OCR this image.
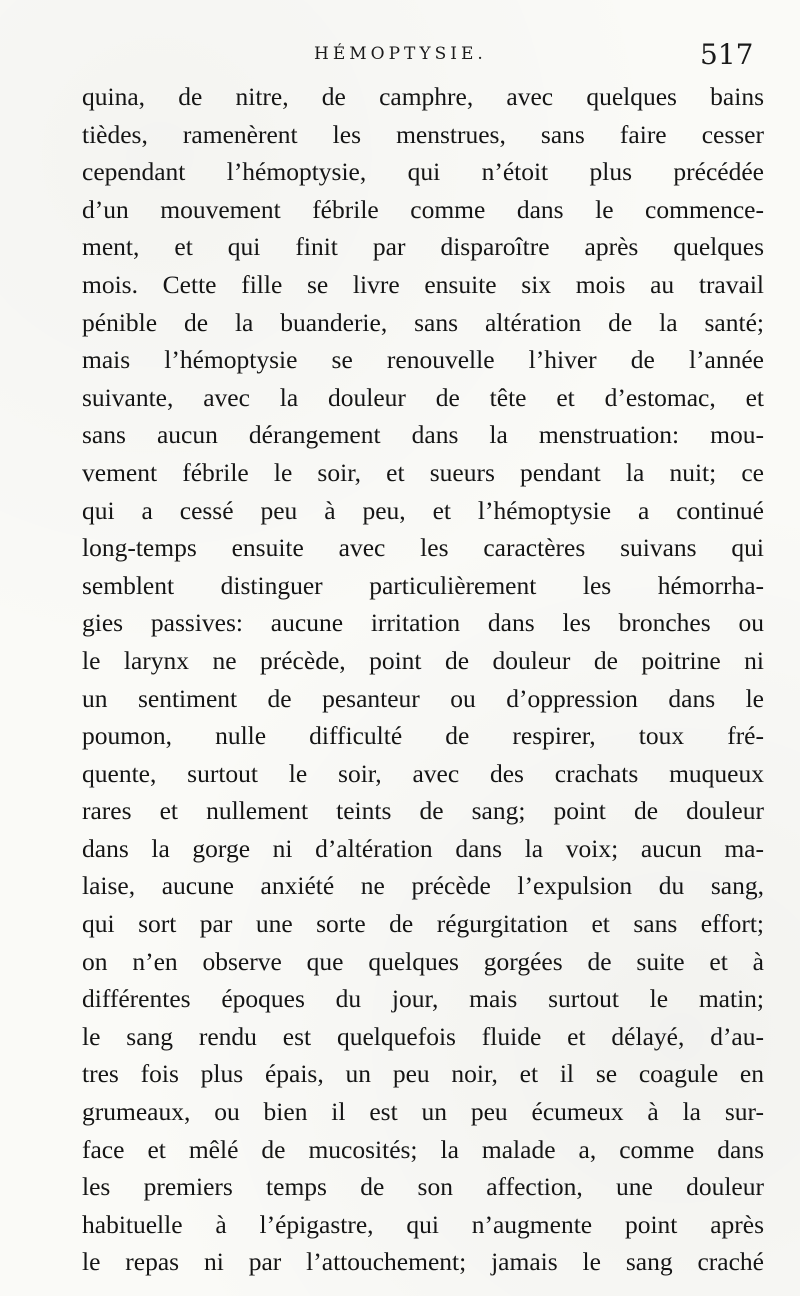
HÉMOPTYSIE.	517
quina, de nitre, de camphre, avec quelques bains
tièdes, ramenèrent les menstrues, sans faire cesser
cependant l’hémoptysie, qui n’étoit plus précédée
d’un mouvement fébrile comme dans le commence-
ment, et qui finit par disparoître après quelques
mois. Cette fille se livre ensuite six mois au travail
pénible de la buanderie, sans altération de la santé;
mais l’hémoptysie se renouvelle l’hiver de l’année
suivante, avec la douleur de tête et d’estomac, et
sans aucun dérangement dans la menstruation: mou-
vement fébrile le soir, et sueurs pendant la nuit; ce
qui a cessé peu à peu, et l’hémoptysie a continué
long-temps ensuite avec les caractères suivans qui
semblent distinguer particulièrement les hémorrha-
gies passives: aucune irritation dans les bronches ou
le larynx ne précède, point de douleur de poitrine ni
un sentiment de pesanteur ou d’oppression dans le
poumon, nulle difficulté de respirer, toux fré-
quente, surtout le soir, avec des crachats muqueux
rares et nullement teints de sang; point de douleur
dans la gorge ni d’altération dans la voix; aucun ma-
laise, aucune anxiété ne précède l’expulsion du sang,
qui sort par une sorte de régurgitation et sans effort;
on n’en observe que quelques gorgées de suite et à
différentes époques du jour, mais surtout le matin;
le sang rendu est quelquefois fluide et délayé, d’au-
tres fois plus épais, un peu noir, et il se coagule en
grumeaux, ou bien il est un peu écumeux à la sur-
face et mêlé de mucosités; la malade a, comme dans
les premiers temps de son affection, une douleur
habituelle à l’épigastre, qui n’augmente point après
le repas ni par l’attouchement; jamais le sang craché
